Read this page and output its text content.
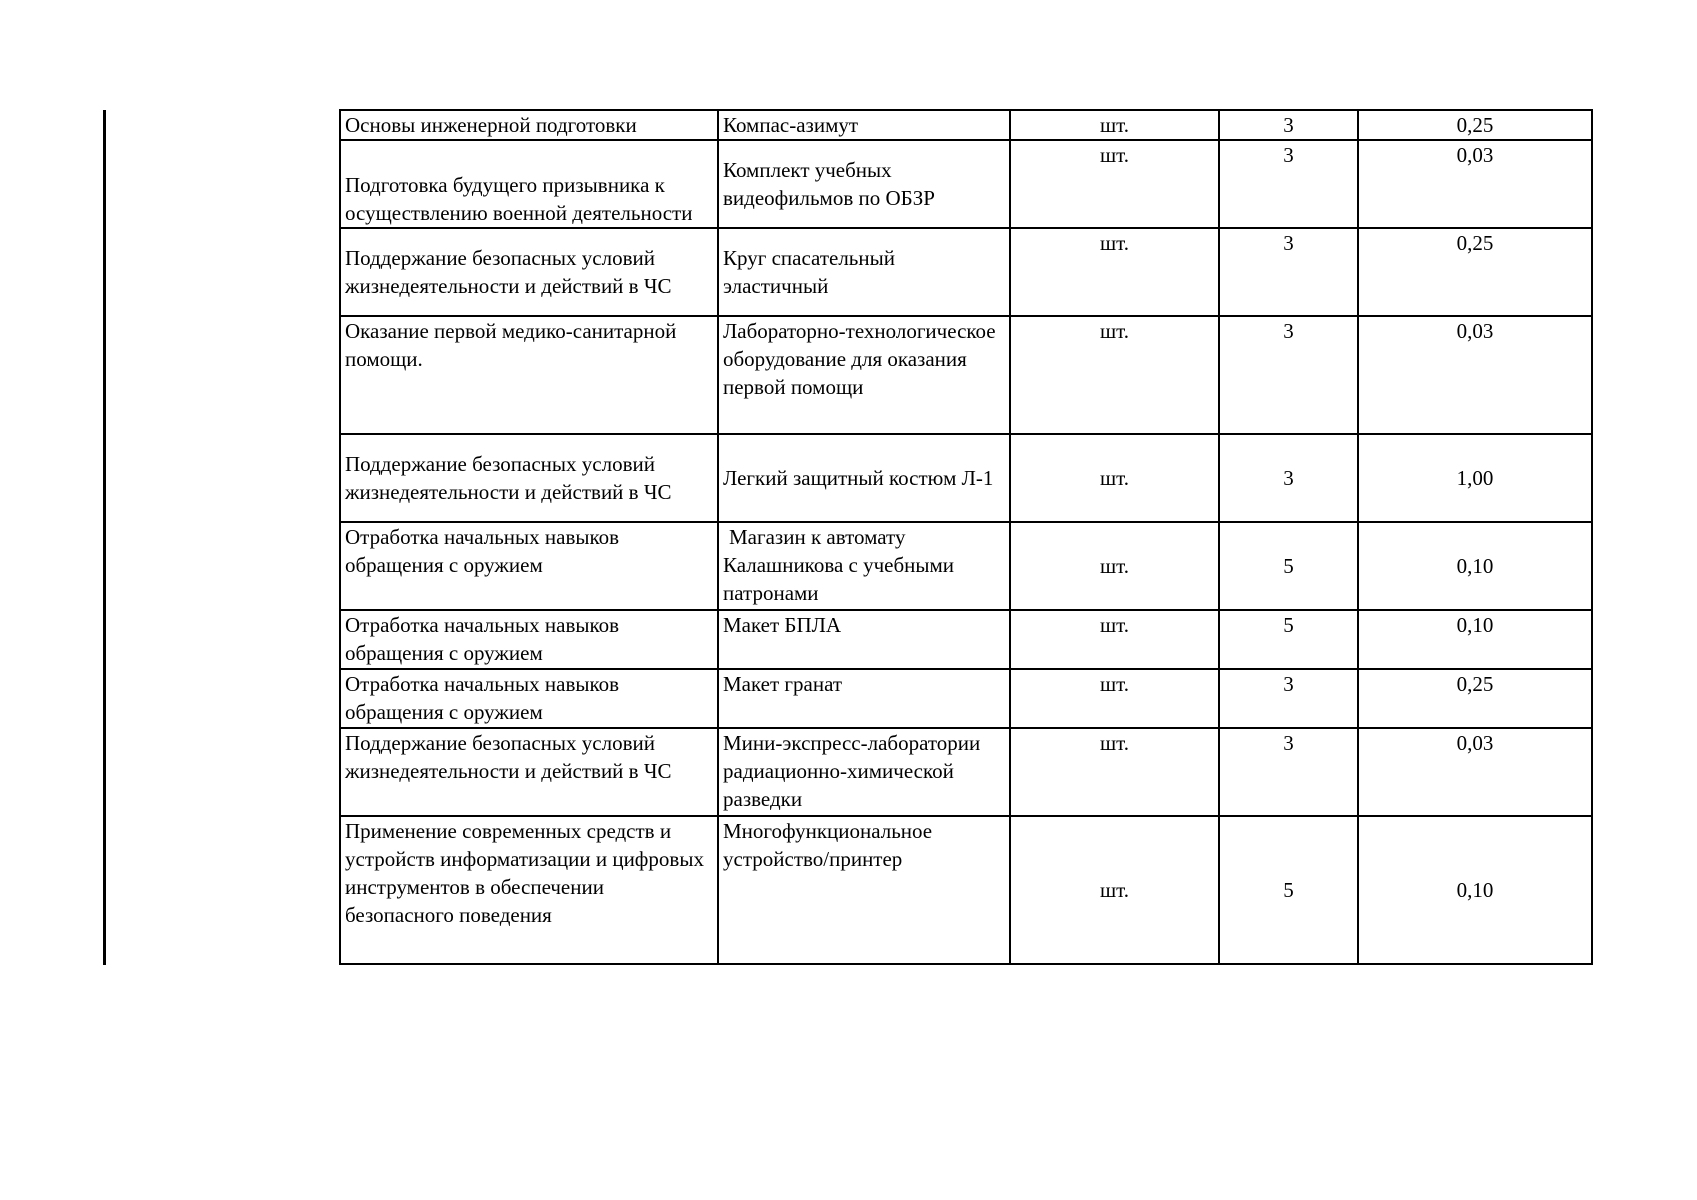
Основы инженерной подготовки	Компас-азимут	шт.	3	0,25
Подготовка будущего призывника к осуществлению военной деятельности	Комплект учебных видеофильмов по ОБЗР	шт.	3	0,03
Поддержание безопасных условий жизнедеятельности и действий в ЧС	Круг спасательный эластичный	шт.	3	0,25
Оказание первой медико-санитарной помощи.	Лабораторно-технологическое оборудование для оказания первой помощи	шт.	3	0,03
Поддержание безопасных условий жизнедеятельности и действий в ЧС	Легкий защитный костюм Л-1	шт.	3	1,00
Отработка начальных навыков обращения с оружием	Магазин к автомату Калашникова с учебными патронами	шт.	5	0,10
Отработка начальных навыков обращения с оружием	Макет БПЛА	шт.	5	0,10
Отработка начальных навыков обращения с оружием	Макет гранат	шт.	3	0,25
Поддержание безопасных условий жизнедеятельности и действий в ЧС	Мини-экспресс-лаборатории радиационно-химической разведки	шт.	3	0,03
Применение современных средств и устройств информатизации и цифровых инструментов в обеспечении безопасного поведения	Многофункциональное устройство/принтер	шт.	5	0,10
